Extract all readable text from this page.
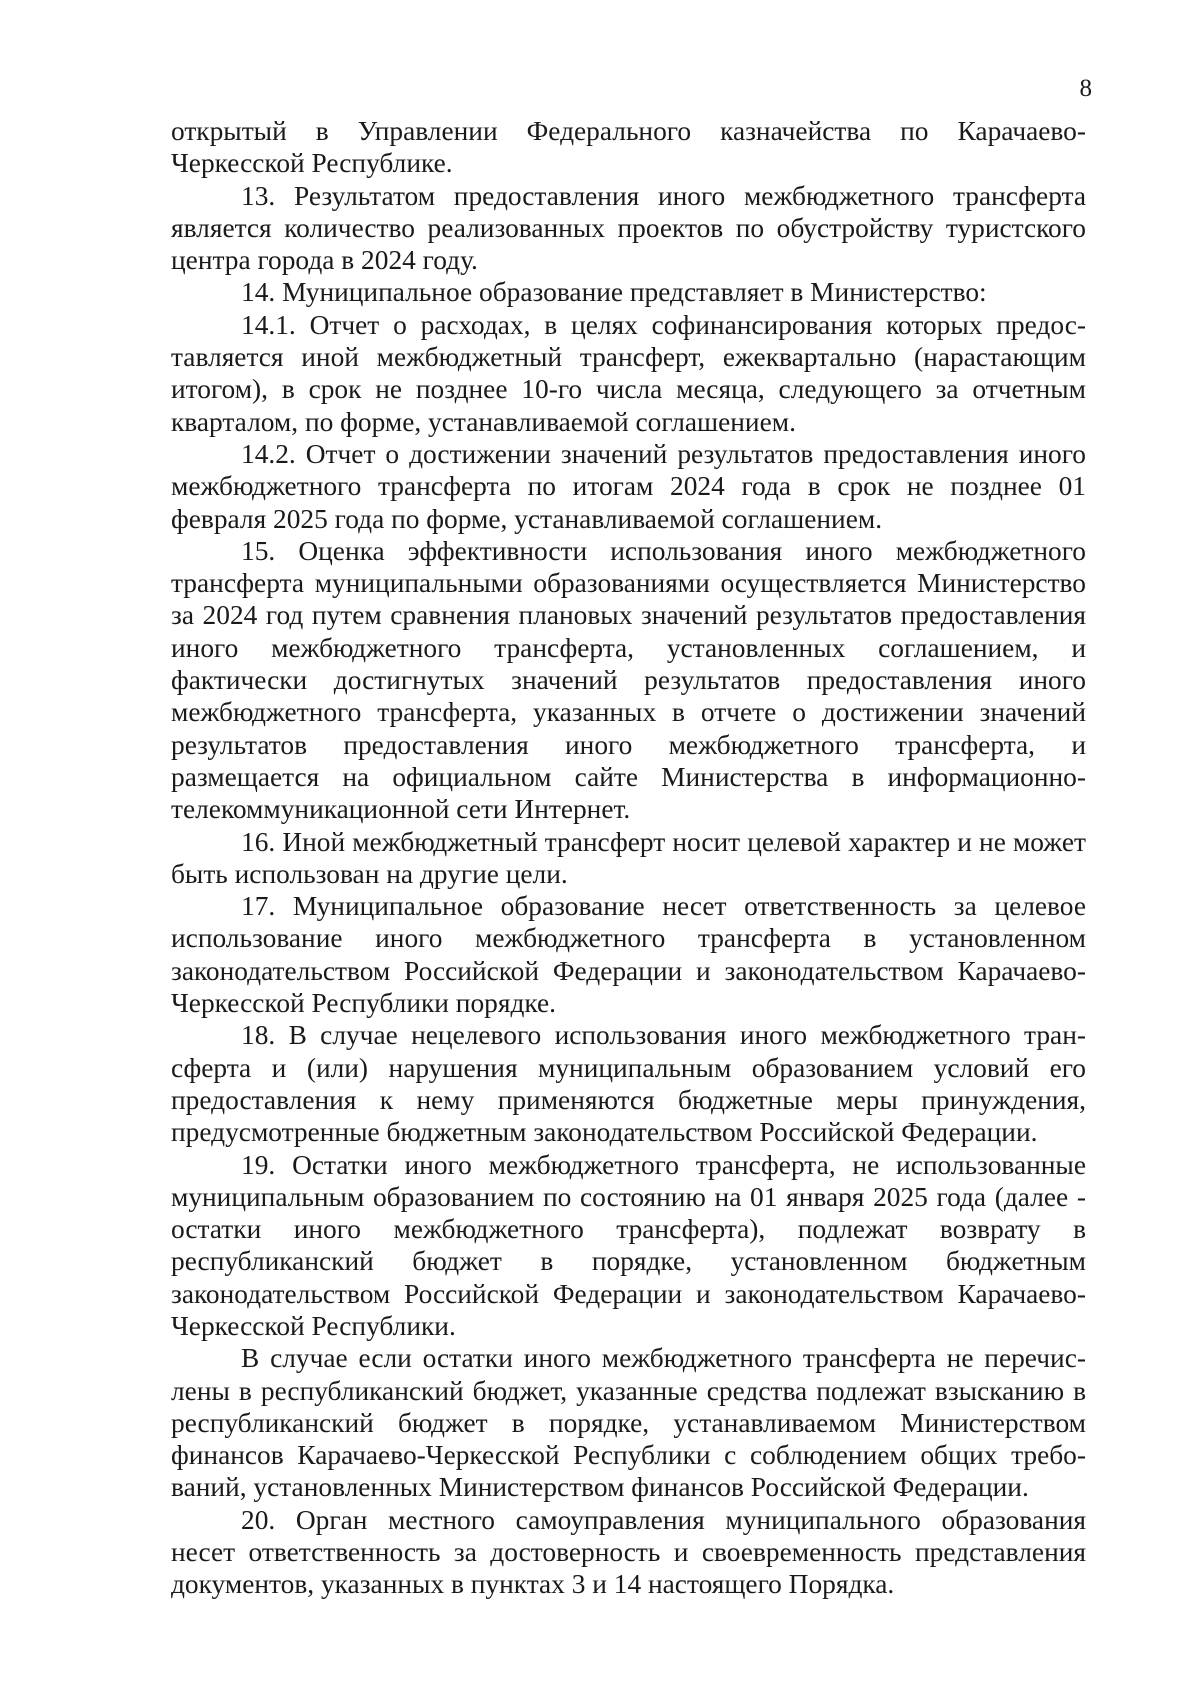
8

открытый в Управлении Федерального казначейства по Карачаево-Черкесской Республике.

13. Результатом предоставления иного межбюджетного трансферта является количество реализованных проектов по обустройству туристского центра города в 2024 году.

14. Муниципальное образование представляет в Министерство:

14.1. Отчет о расходах, в целях софинансирования которых предоставляется иной межбюджетный трансферт, ежеквартально (нарастающим итогом), в срок не позднее 10-го числа месяца, следующего за отчетным кварталом, по форме, устанавливаемой соглашением.

14.2. Отчет о достижении значений результатов предоставления иного межбюджетного трансферта по итогам 2024 года в срок не позднее 01 февраля 2025 года по форме, устанавливаемой соглашением.

15. Оценка эффективности использования иного межбюджетного трансферта муниципальными образованиями осуществляется Министерство за 2024 год путем сравнения плановых значений результатов предоставления иного межбюджетного трансферта, установленных соглашением, и фактически достигнутых значений результатов предоставления иного межбюджетного трансферта, указанных в отчете о достижении значений результатов предоставления иного межбюджетного трансферта, и размещается на официальном сайте Министерства в информационно-телекоммуникационной сети Интернет.

16. Иной межбюджетный трансферт носит целевой характер и не может быть использован на другие цели.

17. Муниципальное образование несет ответственность за целевое использование иного межбюджетного трансферта в установленном законодательством Российской Федерации и законодательством Карачаево-Черкесской Республики порядке.

18. В случае нецелевого использования иного межбюджетного трансферта и (или) нарушения муниципальным образованием условий его предоставления к нему применяются бюджетные меры принуждения, предусмотренные бюджетным законодательством Российской Федерации.

19. Остатки иного межбюджетного трансферта, не использованные муниципальным образованием по состоянию на 01 января 2025 года (далее - остатки иного межбюджетного трансферта), подлежат возврату в республиканский бюджет в порядке, установленном бюджетным законодательством Российской Федерации и законодательством Карачаево-Черкесской Республики.

В случае если остатки иного межбюджетного трансферта не перечислены в республиканский бюджет, указанные средства подлежат взысканию в республиканский бюджет в порядке, устанавливаемом Министерством финансов Карачаево-Черкесской Республики с соблюдением общих требований, установленных Министерством финансов Российской Федерации.

20. Орган местного самоуправления муниципального образования несет ответственность за достоверность и своевременность представления документов, указанных в пунктах 3 и 14 настоящего Порядка.
